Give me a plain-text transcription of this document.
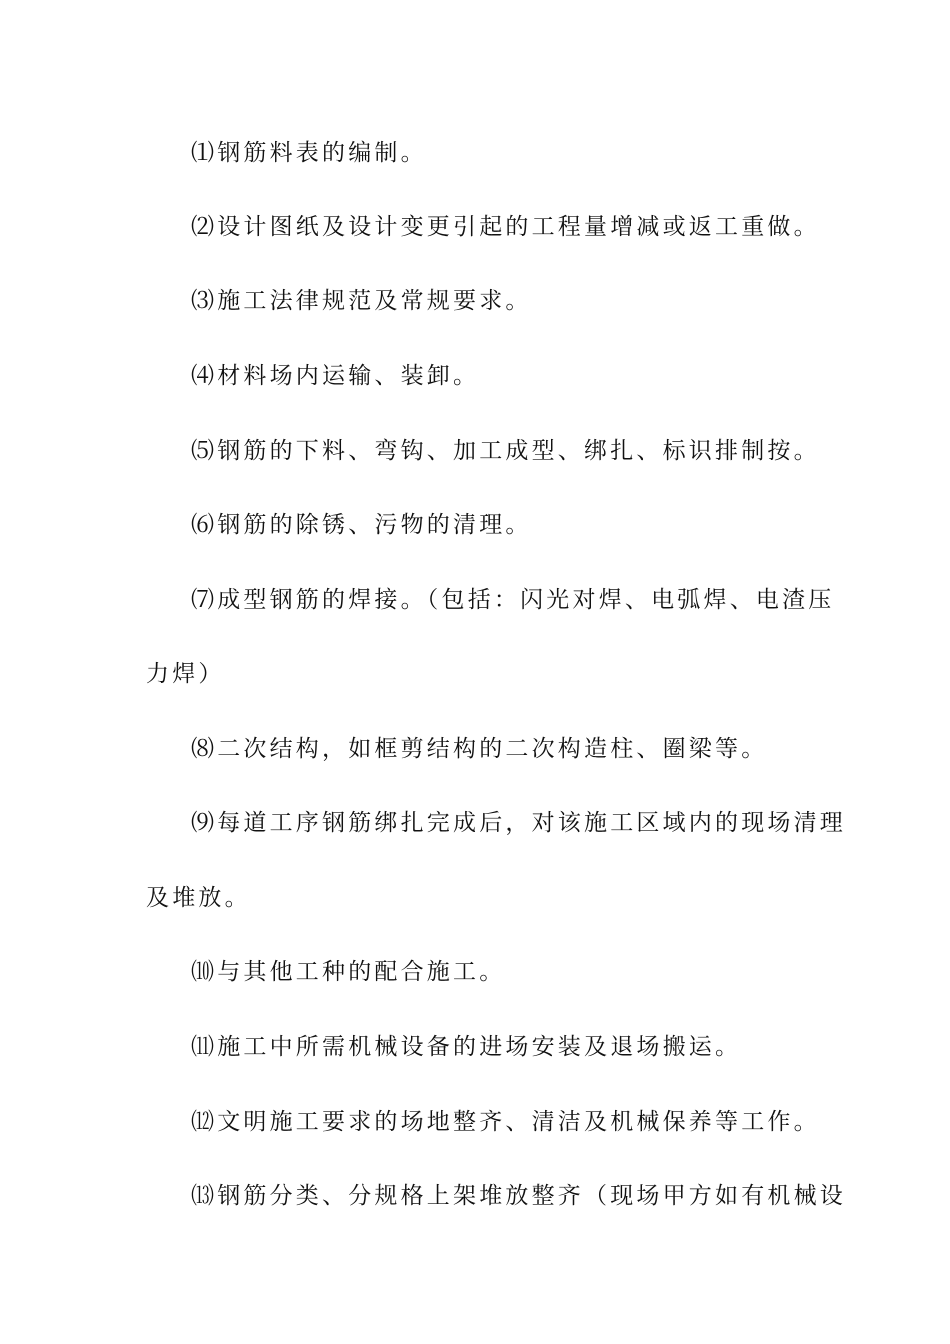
⑴钢筋料表的编制。
⑵设计图纸及设计变更引起的工程量增减或返工重做。
⑶施工法律规范及常规要求。
⑷材料场内运输、装卸。
⑸钢筋的下料、弯钩、加工成型、绑扎、标识排制按。
⑹钢筋的除锈、污物的清理。
⑺成型钢筋的焊接。（包括：闪光对焊、电弧焊、电渣压
力焊）
⑻二次结构，如框剪结构的二次构造柱、圈梁等。
⑼每道工序钢筋绑扎完成后，对该施工区域内的现场清理
及堆放。
⑽与其他工种的配合施工。
⑾施工中所需机械设备的进场安装及退场搬运。
⑿文明施工要求的场地整齐、清洁及机械保养等工作。
⒀钢筋分类、分规格上架堆放整齐（现场甲方如有机械设
